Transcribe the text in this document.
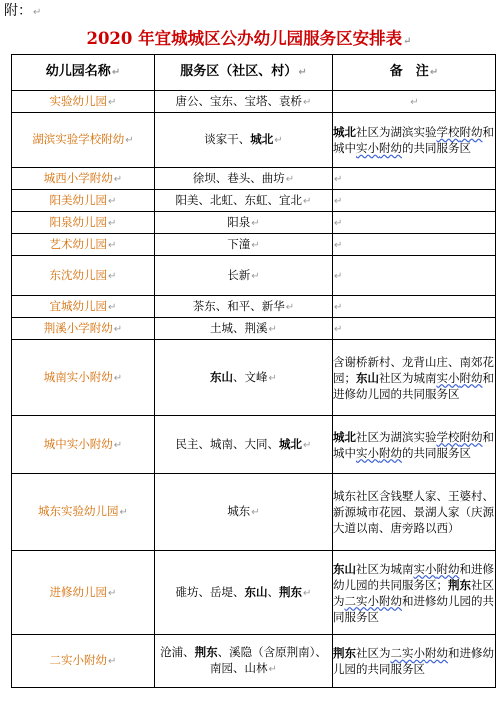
附：↵
2020 年宜城城区公办幼儿园服务区安排表↵
幼儿园名称↵	服务区（社区、村）↵	备　注↵
实验幼儿园↵	唐公、宝东、宝塔、袁桥↵	↵
湖滨实验学校附幼↵	谈家干、城北↵	城北社区为湖滨实验学校附幼和城中实小附幼的共同服务区
城西小学附幼↵	徐坝、巷头、曲坊↵	↵
阳美幼儿园↵	阳美、北虹、东虹、宜北↵	↵
阳泉幼儿园↵	阳泉↵	↵
艺术幼儿园↵	下潼↵	↵
东沈幼儿园↵	长新↵	↵
宜城幼儿园↵	茶东、和平、新华↵	↵
荆溪小学附幼↵	土城、荆溪↵	↵
城南实小附幼↵	东山、文峰↵	含谢桥新村、龙背山庄、南郊花园；东山社区为城南实小附幼和进修幼儿园的共同服务区
城中实小附幼↵	民主、城南、大同、城北↵	城北社区为湖滨实验学校附幼和城中实小附幼的共同服务区
城东实验幼儿园↵	城东↵	城东社区含钱墅人家、王婆村、新源城市花园、景湖人家（庆源大道以南、唐旁路以西）
进修幼儿园↵	碓坊、岳堤、东山、荆东↵	东山社区为城南实小附幼和进修幼儿园的共同服务区；荆东社区为二实小附幼和进修幼儿园的共同服务区
二实小附幼↵	沧浦、荆东、溪隐（含原荆南）、南园、山林↵	荆东社区为二实小附幼和进修幼儿园的共同服务区
